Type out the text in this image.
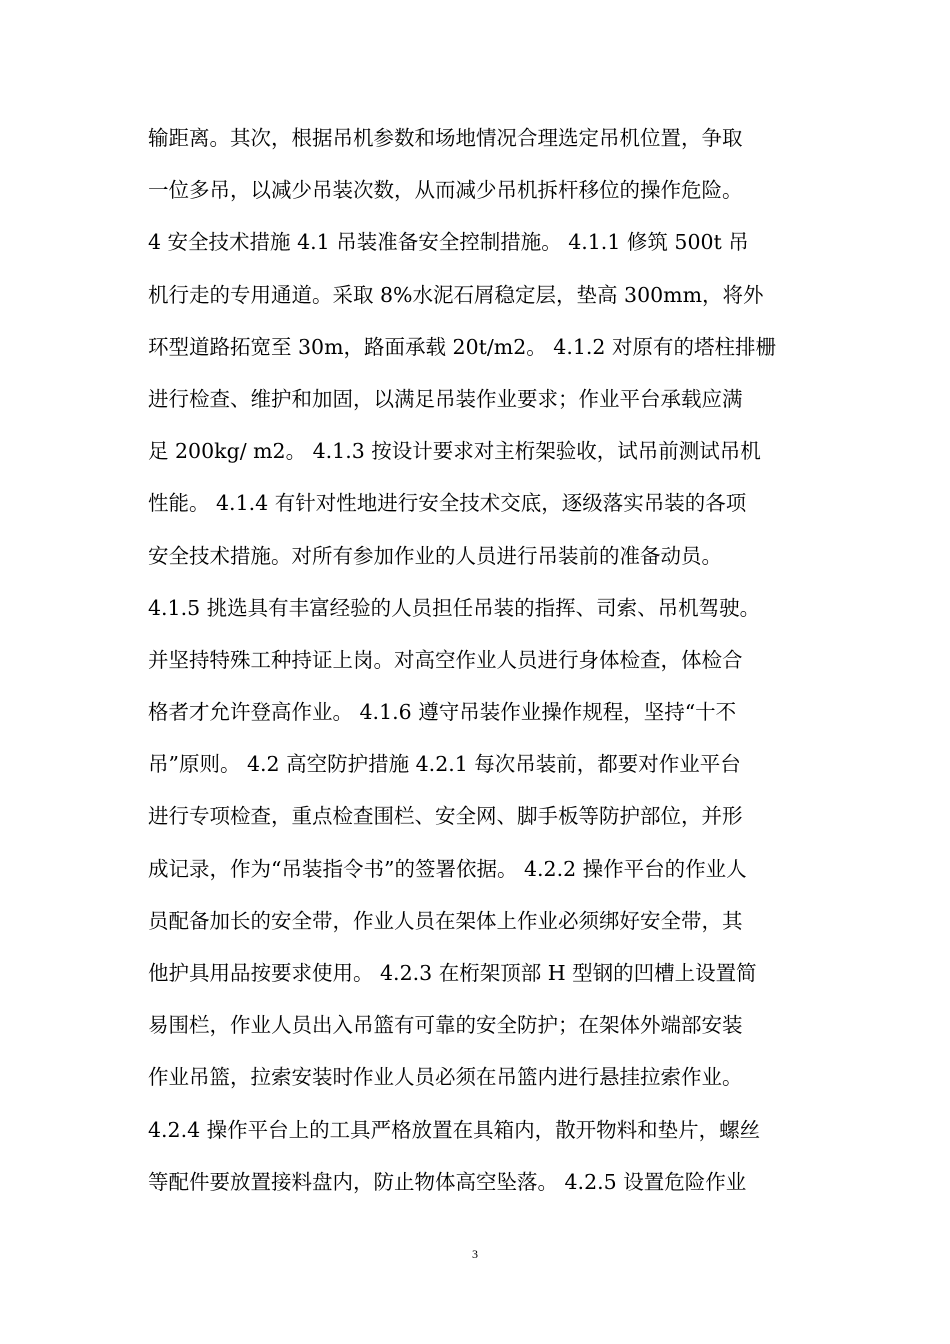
输距离。其次，根据吊机参数和场地情况合理选定吊机位置，争取
一位多吊，以减少吊装次数，从而减少吊机拆杆移位的操作危险。
4 安全技术措施 4.1 吊装准备安全控制措施。 4.1.1 修筑 500t 吊
机行走的专用通道。采取 8%水泥石屑稳定层，垫高 300mm，将外
环型道路拓宽至 30m，路面承载 20t/m2。 4.1.2 对原有的塔柱排栅
进行检查、维护和加固，以满足吊装作业要求；作业平台承载应满
足 200kg/ m2。 4.1.3 按设计要求对主桁架验收，试吊前测试吊机
性能。 4.1.4 有针对性地进行安全技术交底，逐级落实吊装的各项
安全技术措施。对所有参加作业的人员进行吊装前的准备动员。
4.1.5 挑选具有丰富经验的人员担任吊装的指挥、司索、吊机驾驶。
并坚持特殊工种持证上岗。对高空作业人员进行身体检查，体检合
格者才允许登高作业。 4.1.6 遵守吊装作业操作规程，坚持“十不
吊”原则。 4.2 高空防护措施 4.2.1 每次吊装前，都要对作业平台
进行专项检查，重点检查围栏、安全网、脚手板等防护部位，并形
成记录，作为“吊装指令书”的签署依据。 4.2.2 操作平台的作业人
员配备加长的安全带，作业人员在架体上作业必须绑好安全带，其
他护具用品按要求使用。 4.2.3 在桁架顶部 H 型钢的凹槽上设置简
易围栏，作业人员出入吊篮有可靠的安全防护；在架体外端部安装
作业吊篮，拉索安装时作业人员必须在吊篮内进行悬挂拉索作业。
4.2.4 操作平台上的工具严格放置在具箱内，散开物料和垫片，螺丝
等配件要放置接料盘内，防止物体高空坠落。 4.2.5 设置危险作业
3
